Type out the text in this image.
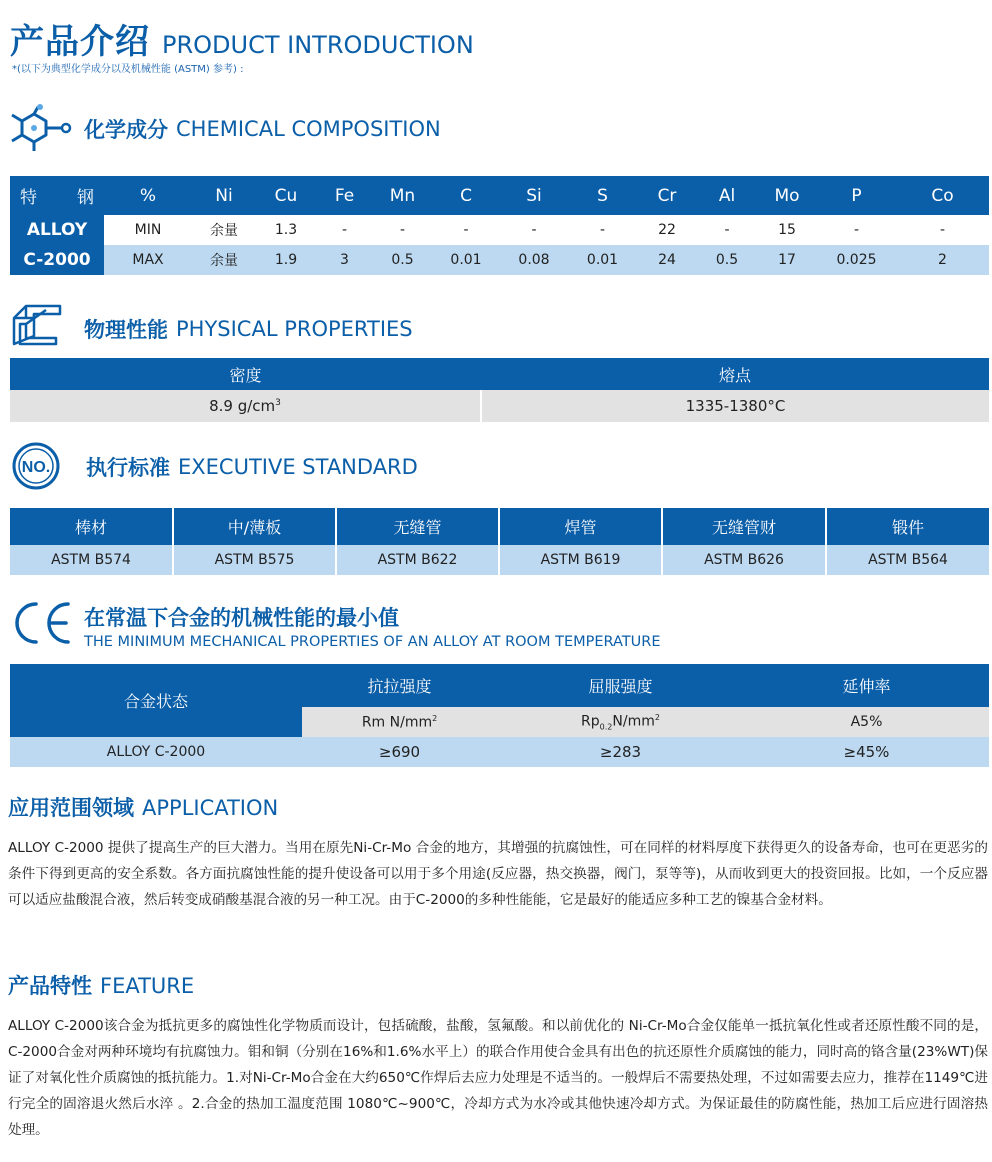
产品介绍 PRODUCT INTRODUCTION
*(以下为典型化学成分以及机械性能 (ASTM) 参考) :
化学成分 CHEMICAL COMPOSITION
特 钢	%	Ni	Cu	Fe	Mn	C	Si	S	Cr	Al	Mo	P	Co
ALLOY	MIN	余量	1.3	-	-	-	-	-	22	-	15	-	-
C-2000	MAX	余量	1.9	3	0.5	0.01	0.08	0.01	24	0.5	17	0.025	2
物理性能 PHYSICAL PROPERTIES
密度	熔点
8.9 $g/cm^3$	1335-1380°C
NO. 执行标准 EXECUTIVE STANDARD
棒材	中/薄板	无缝管	焊管	无缝管财	锻件
ASTM B574	ASTM B575	ASTM B622	ASTM B619	ASTM B626	ASTM B564
在常温下合金的机械性能的最小值
THE MINIMUM MECHANICAL PROPERTIES OF AN ALLOY AT ROOM TEMPERATURE
合金状态	抗拉强度	屈服强度	延伸率
	Rm $N/mm^2$	$Rp_{0.2}N/mm^2$	A5%
ALLOY C-2000	≥690	≥283	≥45%
应用范围领域 APPLICATION
ALLOY C-2000 提供了提高生产的巨大潜力。当用在原先Ni-Cr-Mo 合金的地方，其增强的抗腐蚀性，可在同样的材料厚度下获得更久的设备寿命，也可在更恶劣的条件下得到更高的安全系数。各方面抗腐蚀性能的提升使设备可以用于多个用途(反应器，热交换器，阀门，泵等等)，从而收到更大的投资回报。比如，一个反应器可以适应盐酸混合液，然后转变成硝酸基混合液的另一种工况。由于C-2000的多种性能能，它是最好的能适应多种工艺的镍基合金材料。
产品特性 FEATURE
ALLOY C-2000该合金为抵抗更多的腐蚀性化学物质而设计，包括硫酸，盐酸，氢氟酸。和以前优化的 Ni-Cr-Mo合金仅能单一抵抗氧化性或者还原性酸不同的是，C-2000合金对两种环境均有抗腐蚀力。钼和铜（分别在16%和1.6%水平上）的联合作用使合金具有出色的抗还原性介质腐蚀的能力，同时高的铬含量(23%WT)保证了对氧化性介质腐蚀的抵抗能力。1.对Ni-Cr-Mo合金在大约650℃作焊后去应力处理是不适当的。一般焊后不需要热处理，不过如需要去应力，推荐在1149℃进行完全的固溶退火然后水淬 。2.合金的热加工温度范围 1080℃~900℃，冷却方式为水冷或其他快速冷却方式。为保证最佳的防腐性能，热加工后应进行固溶热处理。
